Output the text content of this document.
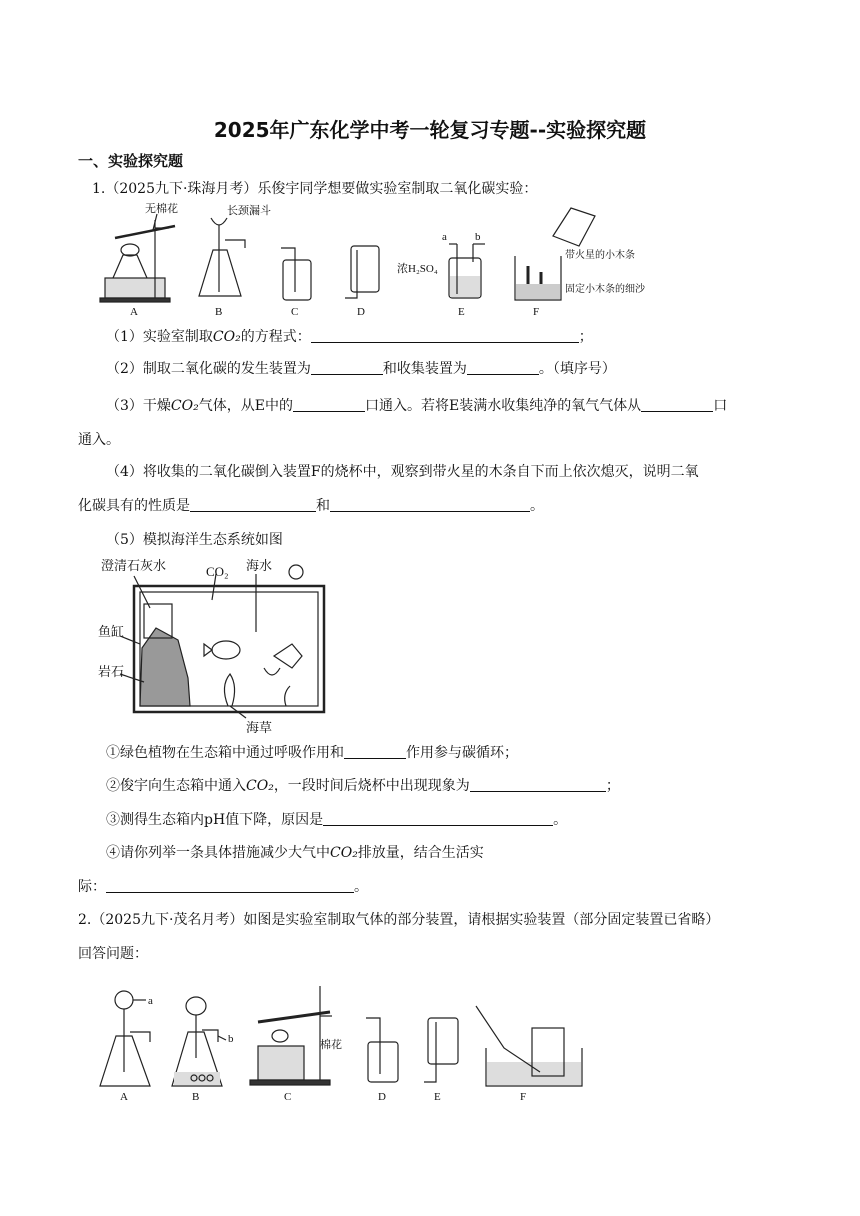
2025年广东化学中考一轮复习专题--实验探究题
一、实验探究题
1.（2025九下·珠海月考）乐俊宇同学想要做实验室制取二氧化碳实验：
无棉花
A
长颈漏斗
B	C	D
a	b
浓H₂SO₄
E
带火星的小木条
固定小木条的细沙
F
（1）实验室制取CO₂的方程式：	；
（2）制取二氧化碳的发生装置为	和收集装置为	。（填序号）
（3）干燥CO₂气体，从E中的	口通入。若将E装满水收集纯净的氧气气体从	口
通入。
（4）将收集的二氧化碳倒入装置F的烧杯中，观察到带火星的木条自下而上依次熄灭，说明二氧
化碳具有的性质是	和	。
（5）模拟海洋生态系统如图
澄清石灰水	CO₂ 海水
鱼缸
岩石
海草
①绿色植物在生态箱中通过呼吸作用和	作用参与碳循环；
②俊宇向生态箱中通入CO₂，一段时间后烧杯中出现现象为	；
③测得生态箱内pH值下降，原因是	。
④请你列举一条具体措施减少大气中CO₂排放量，结合生活实
际：	。
2.（2025九下·茂名月考）如图是实验室制取气体的部分装置，请根据实验装置（部分固定装置已省略）
回答问题：
a
A
b
B
棉花
C	D	E	F
